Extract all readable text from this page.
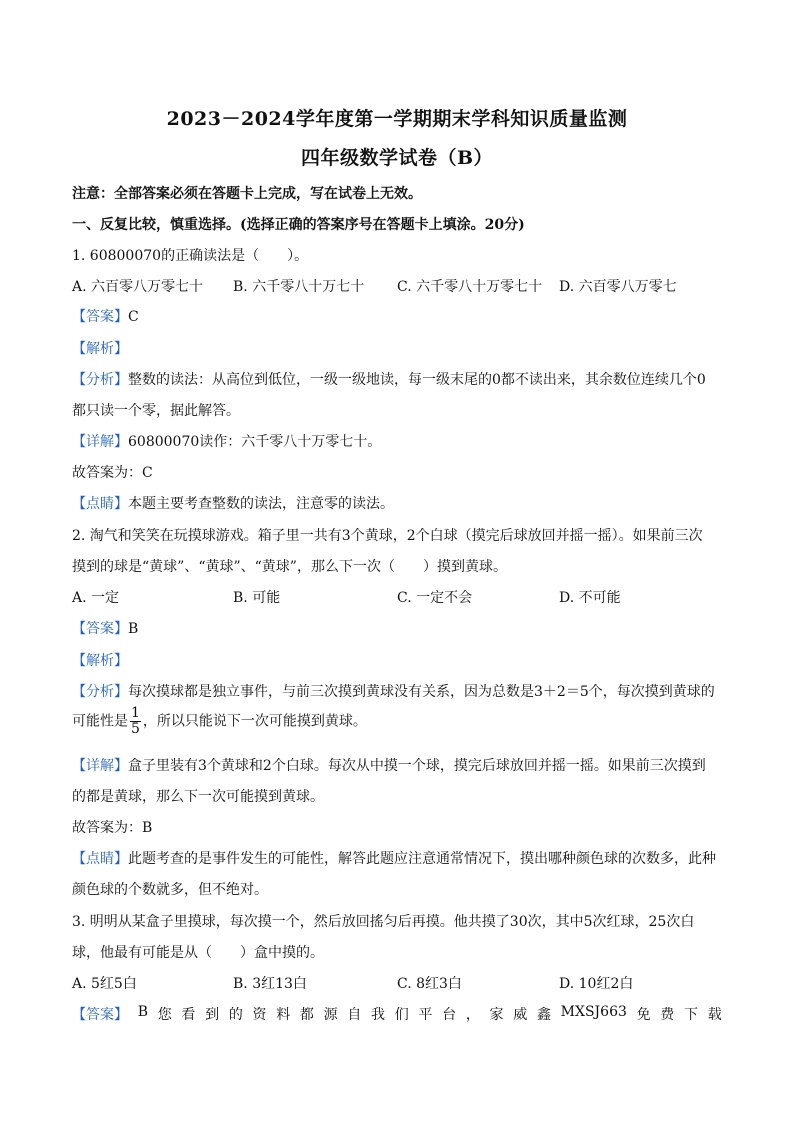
2023－2024学年度第一学期期末学科知识质量监测
四年级数学试卷（B）
注意：全部答案必须在答题卡上完成，写在试卷上无效。
一、反复比较，慎重选择。(选择正确的答案序号在答题卡上填涂。20分)
1. 60800070的正确读法是（　　）。
A. 六百零八万零七十 B. 六千零八十万七十 C. 六千零八十万零七十 D. 六百零八万零七
【答案】C
【解析】
【分析】整数的读法：从高位到低位，一级一级地读，每一级末尾的0都不读出来，其余数位连续几个0
都只读一个零，据此解答。
【详解】60800070读作：六千零八十万零七十。
故答案为：C
【点睛】本题主要考查整数的读法，注意零的读法。
2. 淘气和笑笑在玩摸球游戏。箱子里一共有3个黄球，2个白球（摸完后球放回并摇一摇）。如果前三次
摸到的球是“黄球”、“黄球”、“黄球”，那么下一次（　　）摸到黄球。
A. 一定	B. 可能	C. 一定不会	D. 不可能
【答案】B
【解析】
【分析】每次摸球都是独立事件，与前三次摸到黄球没有关系，因为总数是3＋2＝5个，每次摸到黄球的
可能性是 $\frac{1}{5}$ ，所以只能说下一次可能摸到黄球。
【详解】盒子里装有3个黄球和2个白球。每次从中摸一个球，摸完后球放回并摇一摇。如果前三次摸到
的都是黄球，那么下一次可能摸到黄球。
故答案为：B
【点睛】此题考查的是事件发生的可能性，解答此题应注意通常情况下，摸出哪种颜色球的次数多，此种
颜色球的个数就多，但不绝对。
3. 明明从某盒子里摸球，每次摸一个，然后放回搖匀后再摸。他共摸了30次，其中5次红球，25次白
球，他最有可能是从（　　）盒中摸的。
A. 5红5白	B. 3红13白	C. 8红3白	D. 10红2白
【答案】 B 您 看 到 的 资 料 都 源 自 我 们 平 台 ， 家 威 鑫 MXSJ663 免 费 下 载
